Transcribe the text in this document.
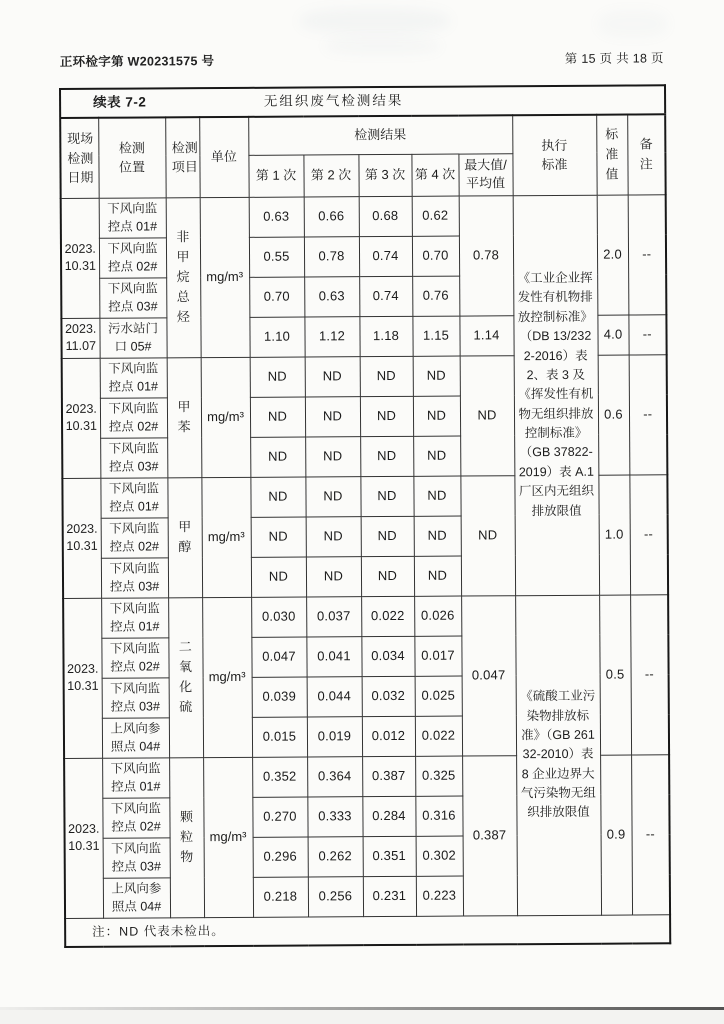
正环检字第 W20231575 号	第 15 页 共 18 页
续表 7-2 无组织废气检测结果											

现场检测日期	检测位置	检测项目	单位	检测结果					执行标准	标准值	备注

				第 1 次	第 2 次	第 3 次	第 4 次	最大值/平均值			
2023.10.31	下风向监控点 01#	非甲烷总烃	mg/m³	0.63	0.66	0.68	0.62	0.78	《工业企业挥发性有机物排放控制标准》（DB 13/2322-2016）表 2、表 3 及《挥发性有机物无组织排放控制标准》（GB 37822-2019）表 A.1 厂区内无组织排放限值	2.0	--
	下风向监控点 02#			0.55	0.78	0.74	0.70				
	下风向监控点 03#			0.70	0.63	0.74	0.76				
2023.11.07	污水站门口 05#			1.10	1.12	1.18	1.15	1.14		4.0	--
2023.10.31	下风向监控点 01#	甲苯	mg/m³	ND	ND	ND	ND	ND		0.6	--
	下风向监控点 02#			ND	ND	ND	ND				
	下风向监控点 03#			ND	ND	ND	ND				
2023.10.31	下风向监控点 01#	甲醇	mg/m³	ND	ND	ND	ND	ND		1.0	--
	下风向监控点 02#			ND	ND	ND	ND				
	下风向监控点 03#			ND	ND	ND	ND				
2023.10.31	下风向监控点 01#	二氧化硫	mg/m³	0.030	0.037	0.022	0.026	0.047	《硫酸工业污染物排放标准》（GB 26132-2010）表 8 企业边界大气污染物无组织排放限值	0.5	--
	下风向监控点 02#			0.047	0.041	0.034	0.017				
	下风向监控点 03#			0.039	0.044	0.032	0.025				
	上风向参照点 04#			0.015	0.019	0.012	0.022				
2023.10.31	下风向监控点 01#	颗粒物	mg/m³	0.352	0.364	0.387	0.325	0.387		0.9	--
	下风向监控点 02#			0.270	0.333	0.284	0.316				
	下风向监控点 03#			0.296	0.262	0.351	0.302				
	上风向参照点 04#			0.218	0.256	0.231	0.223				
注：ND 代表未检出。											
